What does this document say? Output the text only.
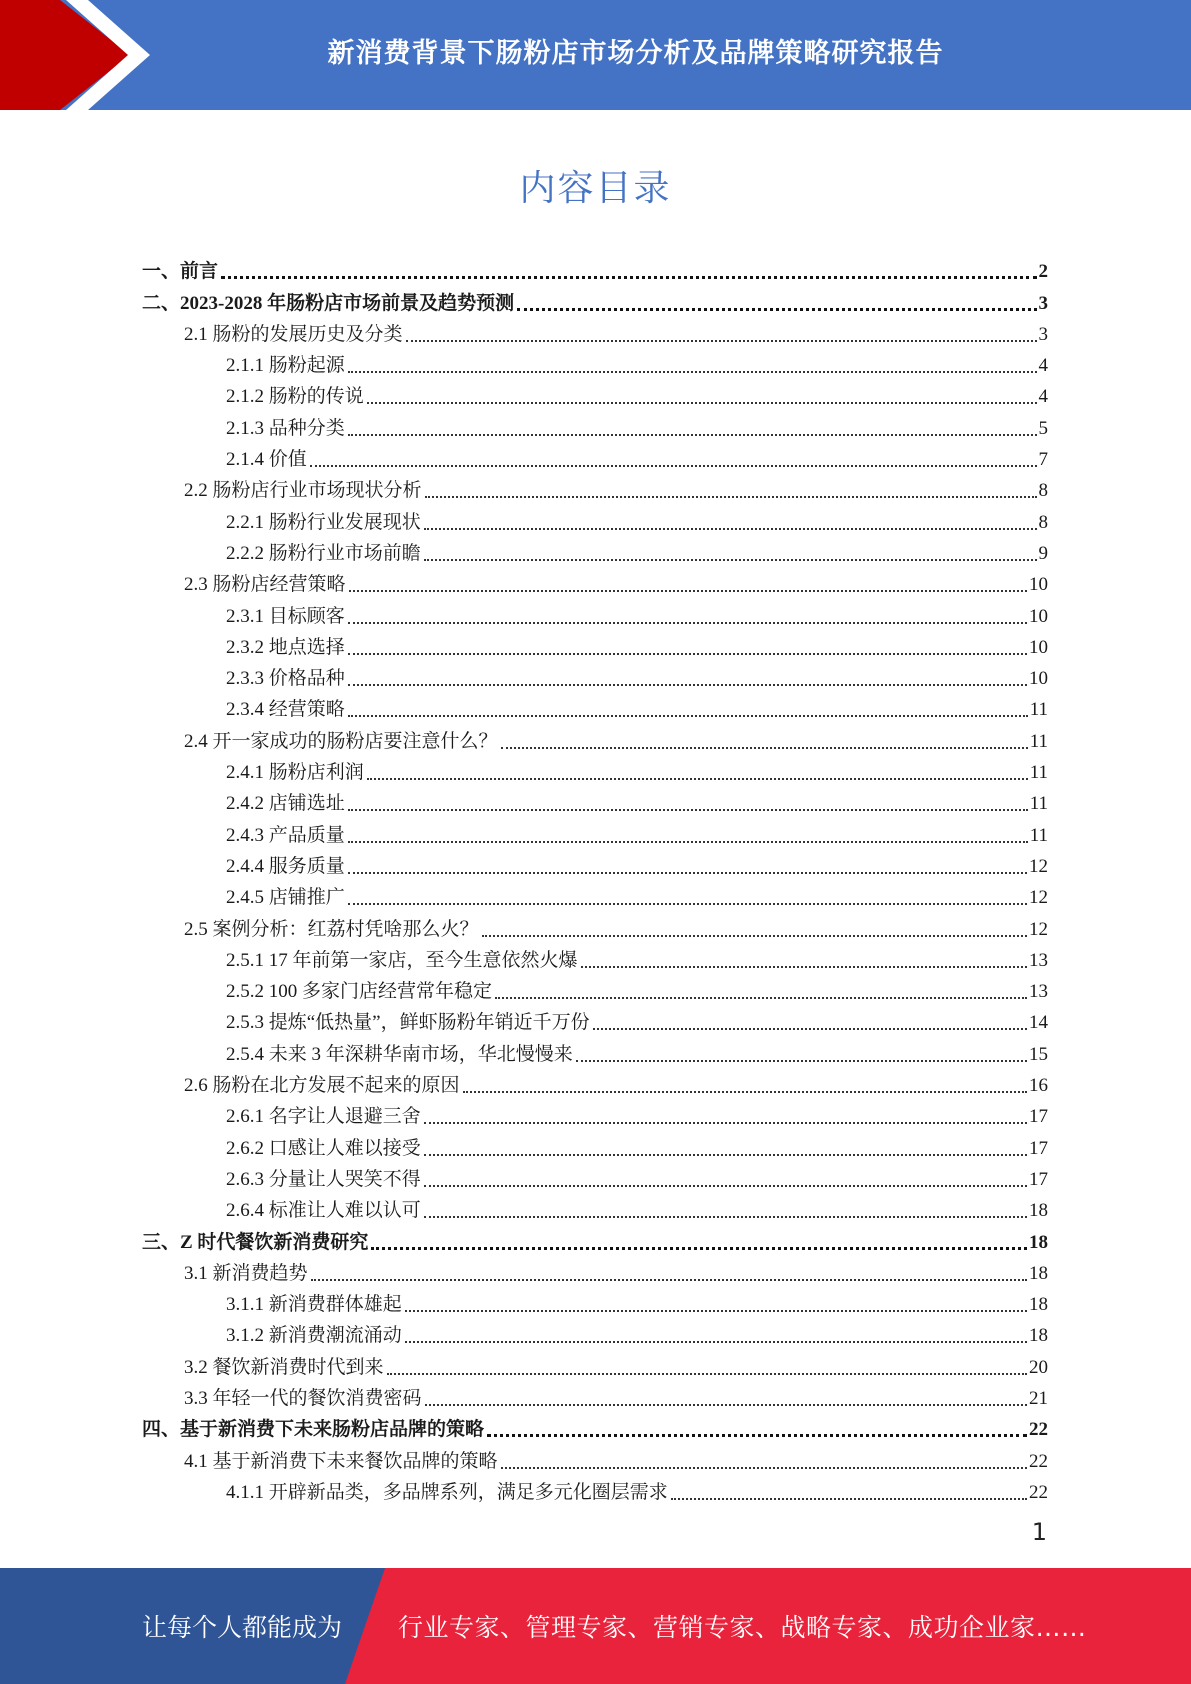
新消费背景下肠粉店市场分析及品牌策略研究报告
内容目录
一、前言	2
二、2023-2028 年肠粉店市场前景及趋势预测	3
2.1 肠粉的发展历史及分类	3
2.1.1 肠粉起源	4
2.1.2 肠粉的传说	4
2.1.3 品种分类	5
2.1.4 价值	7
2.2 肠粉店行业市场现状分析	8
2.2.1 肠粉行业发展现状	8
2.2.2 肠粉行业市场前瞻	9
2.3 肠粉店经营策略	10
2.3.1 目标顾客	10
2.3.2 地点选择	10
2.3.3 价格品种	10
2.3.4 经营策略	11
2.4 开一家成功的肠粉店要注意什么？	11
2.4.1 肠粉店利润	11
2.4.2 店铺选址	11
2.4.3 产品质量	11
2.4.4 服务质量	12
2.4.5 店铺推广	12
2.5 案例分析：红荔村凭啥那么火？	12
2.5.1 17 年前第一家店，至今生意依然火爆	13
2.5.2 100 多家门店经营常年稳定	13
2.5.3 提炼“低热量”，鲜虾肠粉年销近千万份	14
2.5.4 未来 3 年深耕华南市场，华北慢慢来	15
2.6 肠粉在北方发展不起来的原因	16
2.6.1 名字让人退避三舍	17
2.6.2 口感让人难以接受	17
2.6.3 分量让人哭笑不得	17
2.6.4 标准让人难以认可	18
三、Z 时代餐饮新消费研究	18
3.1 新消费趋势	18
3.1.1 新消费群体雄起	18
3.1.2 新消费潮流涌动	18
3.2 餐饮新消费时代到来	20
3.3 年轻一代的餐饮消费密码	21
四、基于新消费下未来肠粉店品牌的策略	22
4.1 基于新消费下未来餐饮品牌的策略	22
4.1.1 开辟新品类，多品牌系列，满足多元化圈层需求	22
1
让每个人都能成为 行业专家、管理专家、营销专家、战略专家、成功企业家……
